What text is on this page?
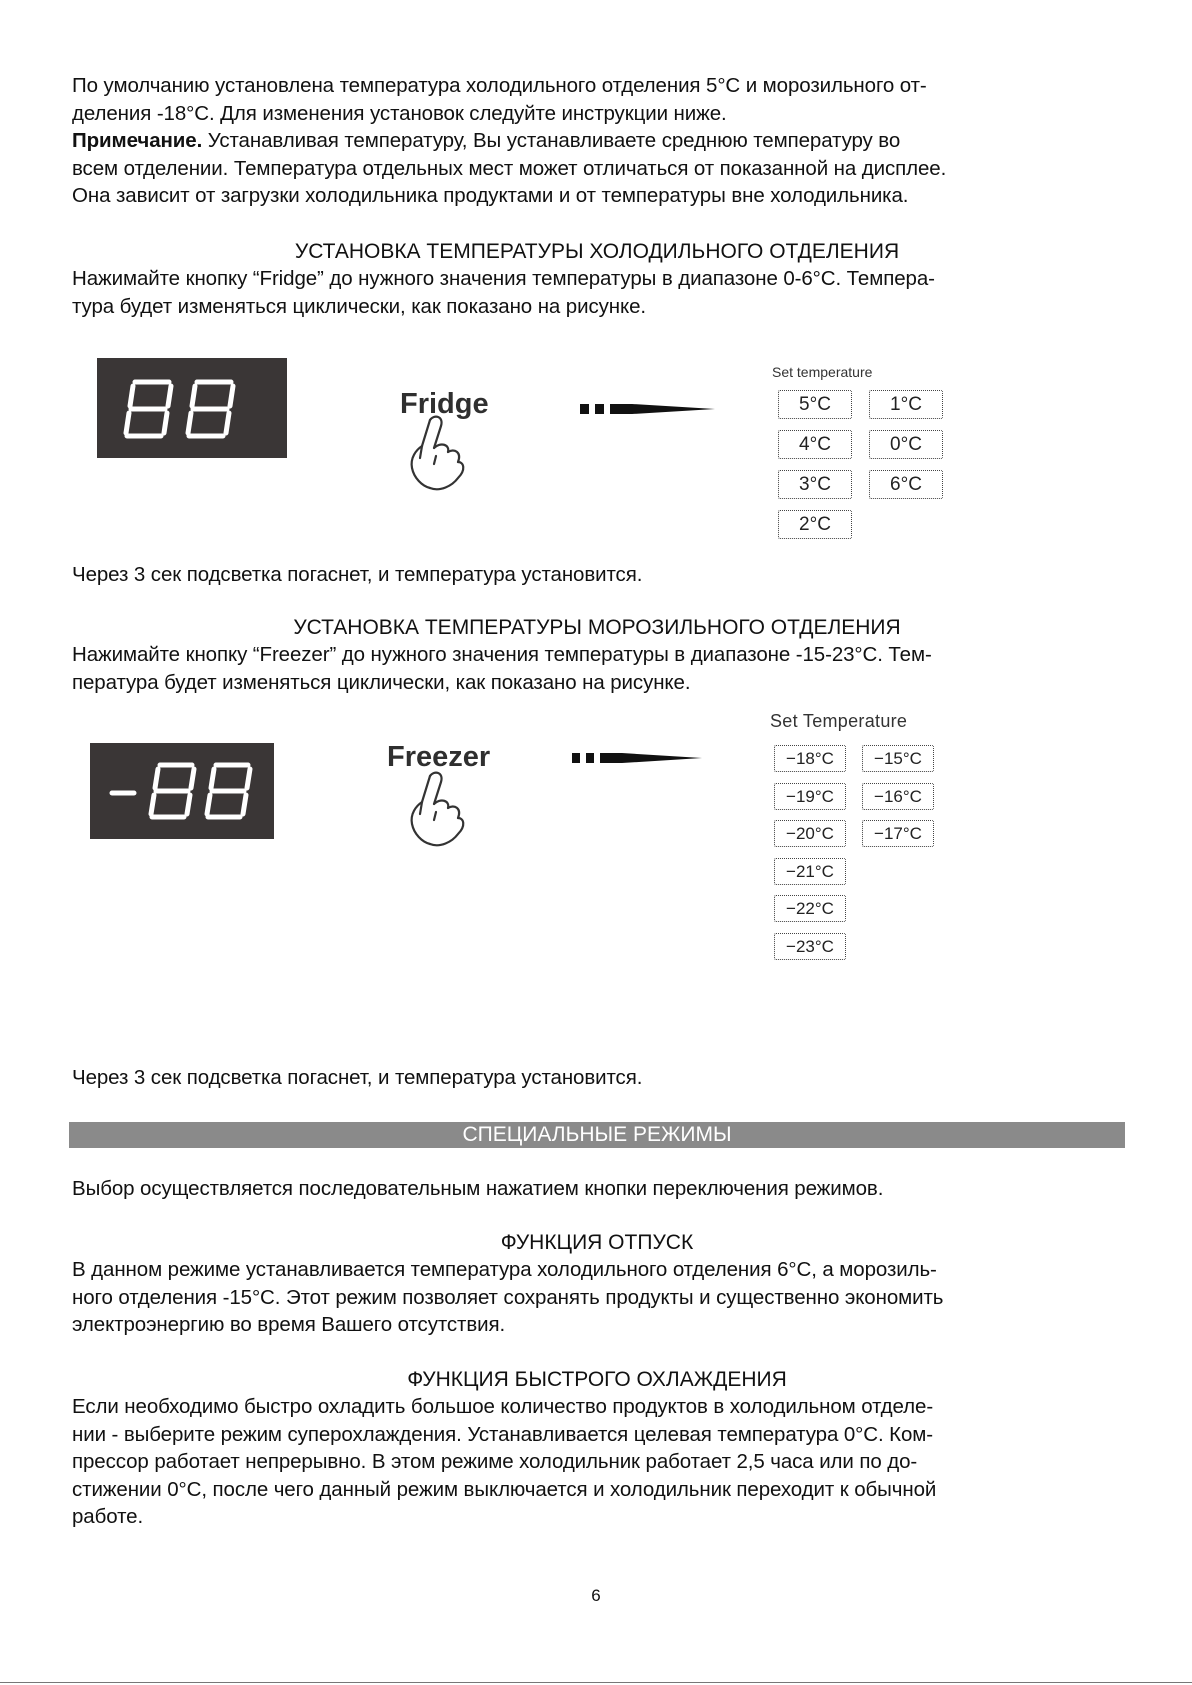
По умолчанию установлена температура холодильного отделения 5°C и морозильного от-
деления -18°C. Для изменения установок следуйте инструкции ниже.
Примечание. Устанавливая температуру, Вы устанавливаете среднюю температуру во
всем отделении. Температура отдельных мест может отличаться от показанной на дисплее.
Она зависит от загрузки холодильника продуктами и от температуры вне холодильника.
УСТАНОВКА ТЕМПЕРАТУРЫ ХОЛОДИЛЬНОГО ОТДЕЛЕНИЯ
Нажимайте кнопку “Fridge” до нужного значения температуры в диапазоне 0-6°C. Темпера-
тура будет изменяться циклически, как показано на рисунке.
Fridge
Set temperature
5°C
4°C
3°C
2°C
1°C
0°C
6°C
Через 3 сек подсветка погаснет, и температура установится.
УСТАНОВКА ТЕМПЕРАТУРЫ МОРОЗИЛЬНОГО ОТДЕЛЕНИЯ
Нажимайте кнопку “Freezer” до нужного значения температуры в диапазоне -15-23°C. Тем-
пература будет изменяться циклически, как показано на рисунке.
Freezer
Set Temperature
−18°C
−19°C
−20°C
−21°C
−22°C
−23°C
−15°C
−16°C
−17°C
Через 3 сек подсветка погаснет, и температура установится.
СПЕЦИАЛЬНЫЕ РЕЖИМЫ
Выбор осуществляется последовательным нажатием кнопки переключения режимов.
ФУНКЦИЯ ОТПУСК
В данном режиме устанавливается температура холодильного отделения 6°C, а морозиль-
ного отделения -15°C. Этот режим позволяет сохранять продукты и существенно экономить
электроэнергию во время Вашего отсутствия.
ФУНКЦИЯ БЫСТРОГО ОХЛАЖДЕНИЯ
Если необходимо быстро охладить большое количество продуктов в холодильном отделе-
нии - выберите режим суперохлаждения. Устанавливается целевая температура 0°C. Ком-
прессор работает непрерывно. В этом режиме холодильник работает 2,5 часа или по до-
стижении 0°C, после чего данный режим выключается и холодильник переходит к обычной
работе.
6
